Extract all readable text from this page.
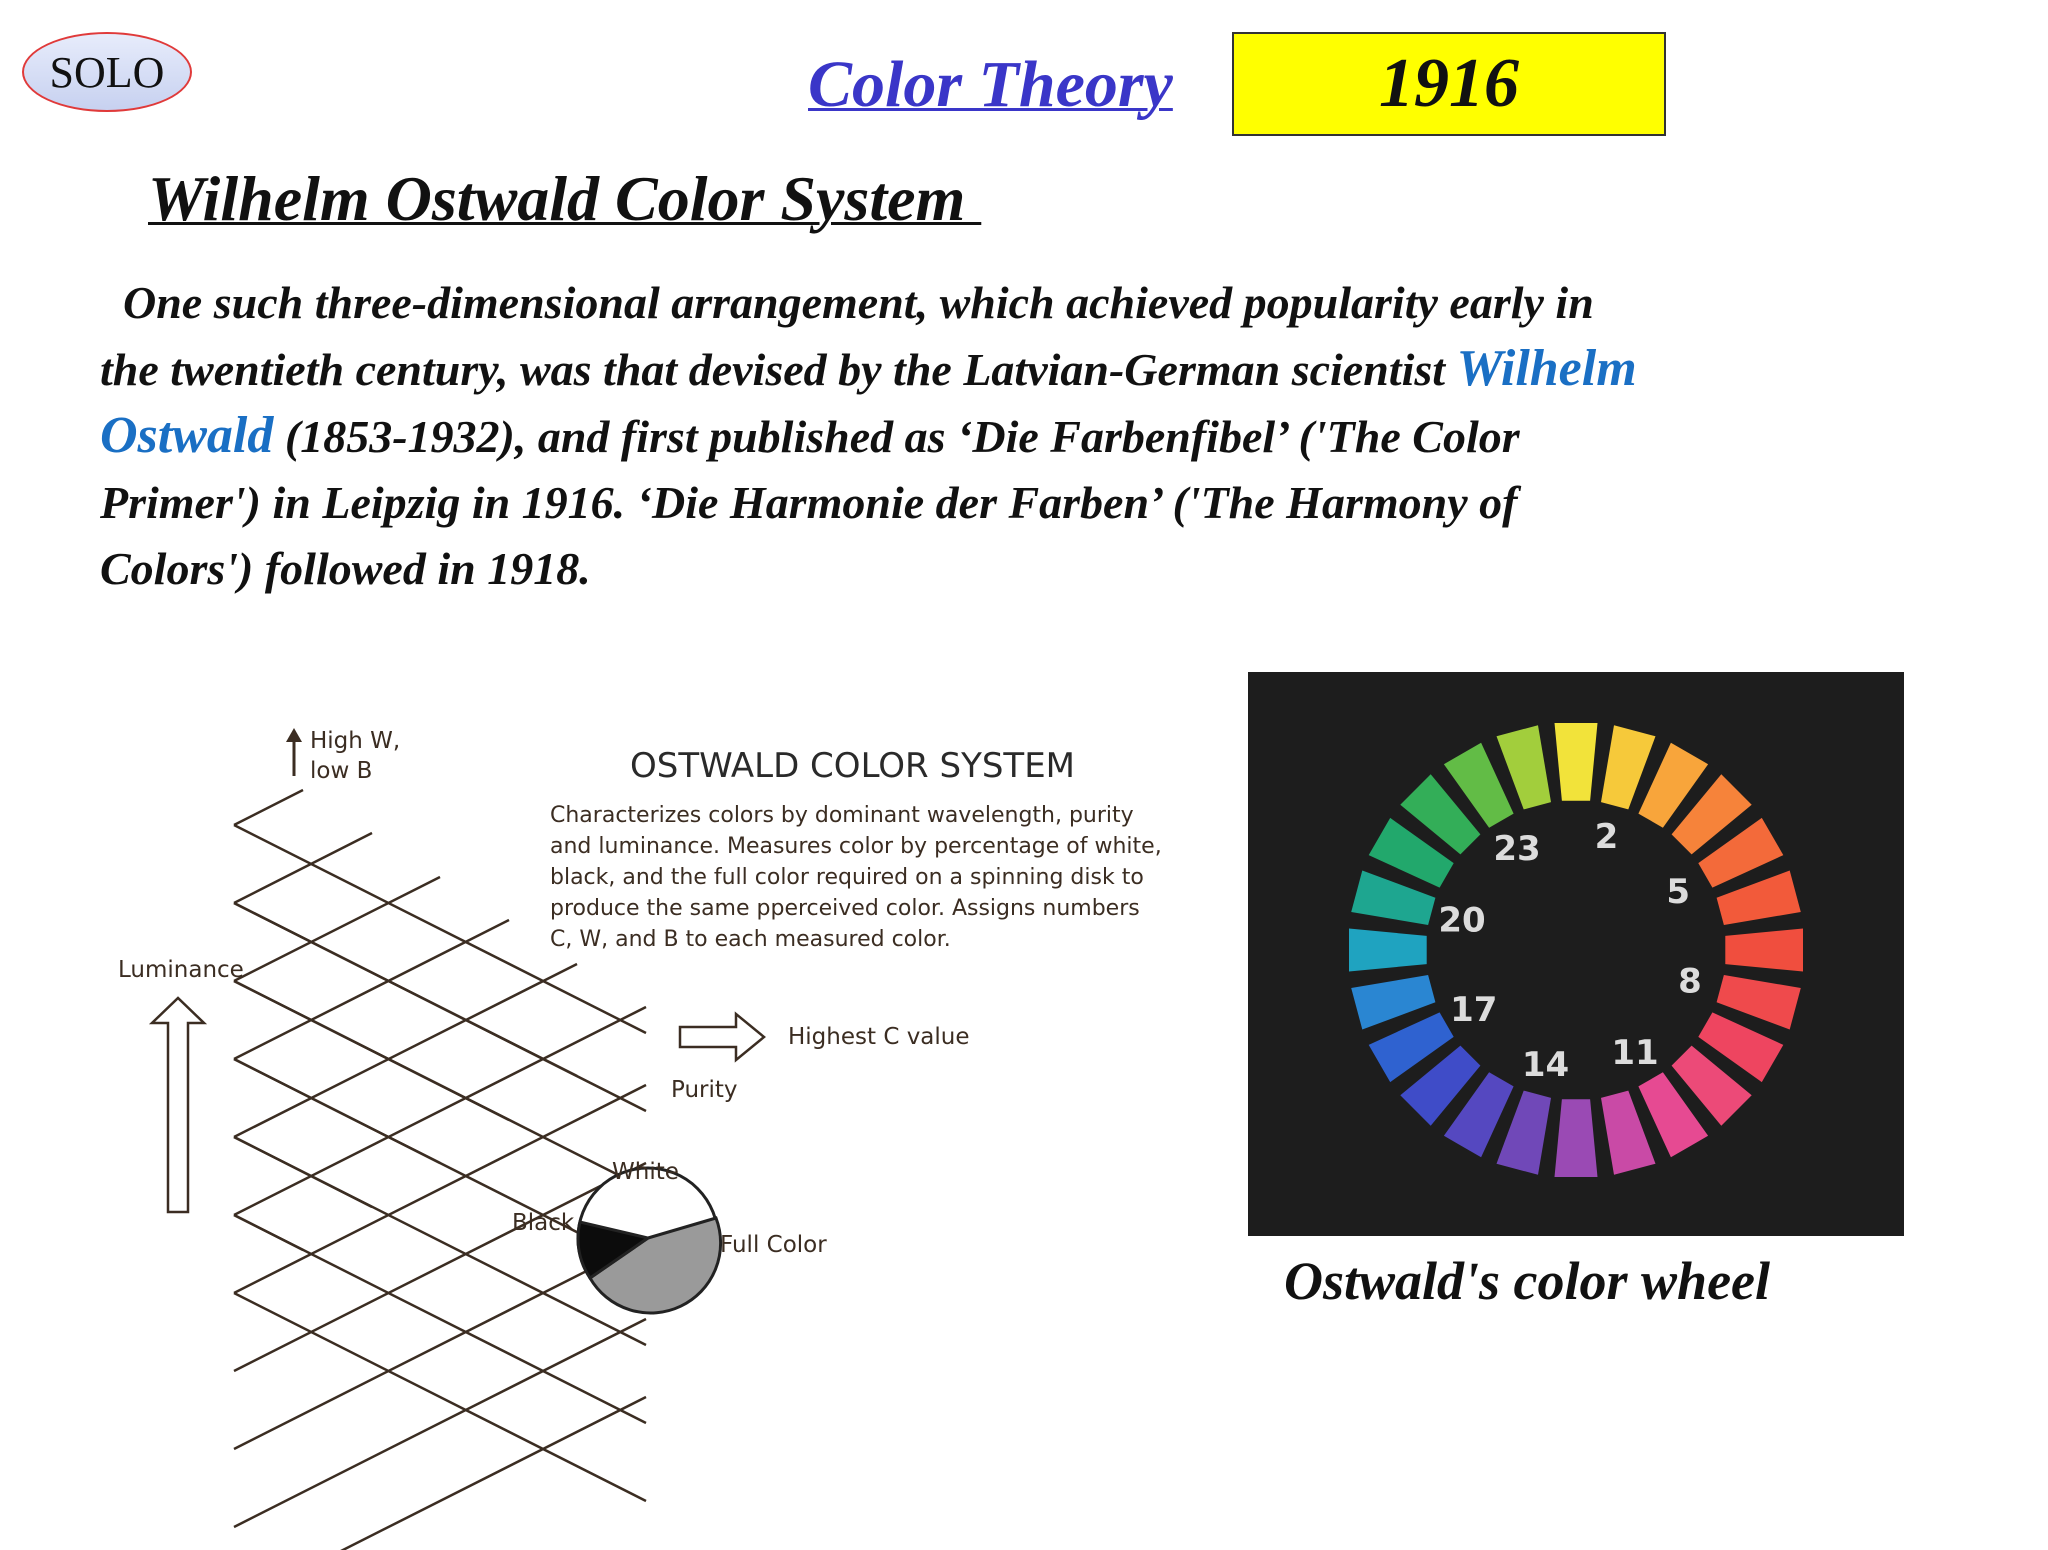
SOLO	Color Theory	1916
Wilhelm Ostwald Color System
One such three-dimensional arrangement, which achieved popularity early in
the twentieth century, was that devised by the Latvian-German scientist Wilhelm
Ostwald (1853-1932), and first published as ‘Die Farbenfibel’ ('The Color
Primer') in Leipzig in 1916. ‘Die Harmonie der Farben’ ('The Harmony of
Colors') followed in 1918.
High W,
low B	OSTWALD COLOR SYSTEM
Characterizes colors by dominant wavelength, purity
and luminance. Measures color by percentage of white,
black, and the full color required on a spinning disk to
produce the same pperceived color. Assigns numbers
C, W, and B to each measured color.
Luminance
Purity
Highest C value
White
Black
Full Color
2
5
8
11
14
17
20
23
Ostwald's color wheel
